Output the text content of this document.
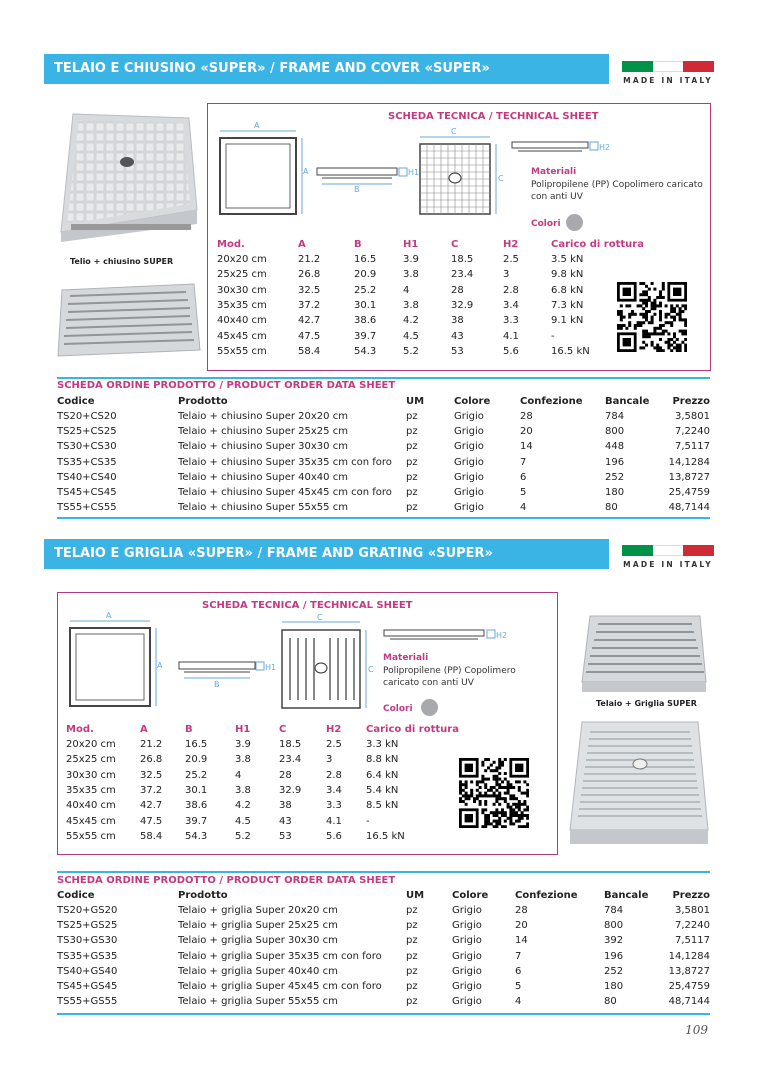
TELAIO E CHIUSINO «SUPER» / FRAME AND COVER «SUPER»
MADE IN ITALY
Telio + chiusino SUPER
SCHEDA TECNICA / TECHNICAL SHEET
A
A
B
H1
C
C
H2
Materiali
Polipropilene (PP) Copolimero caricato con anti UV
Colori
Mod.	A	B	H1	C	H2	Carico di rottura
20x20 cm	21.2	16.5	3.9	18.5	2.5	3.5 kN
25x25 cm	26.8	20.9	3.8	23.4	3	9.8 kN
30x30 cm	32.5	25.2	4	28	2.8	6.8 kN
35x35 cm	37.2	30.1	3.8	32.9	3.4	7.3 kN
40x40 cm	42.7	38.6	4.2	38	3.3	9.1 kN
45x45 cm	47.5	39.7	4.5	43	4.1	-
55x55 cm	58.4	54.3	5.2	53	5.6	16.5 kN
SCHEDA ORDINE PRODOTTO / PRODUCT ORDER DATA SHEET
Codice	Prodotto	UM	Colore	Confezione	Bancale	Prezzo
TS20+CS20	Telaio + chiusino Super 20x20 cm	pz	Grigio	28	784	3,5801
TS25+CS25	Telaio + chiusino Super 25x25 cm	pz	Grigio	20	800	7,2240
TS30+CS30	Telaio + chiusino Super 30x30 cm	pz	Grigio	14	448	7,5117
TS35+CS35	Telaio + chiusino Super 35x35 cm con foro	pz	Grigio	7	196	14,1284
TS40+CS40	Telaio + chiusino Super 40x40 cm	pz	Grigio	6	252	13,8727
TS45+CS45	Telaio + chiusino Super 45x45 cm con foro	pz	Grigio	5	180	25,4759
TS55+CS55	Telaio + chiusino Super 55x55 cm	pz	Grigio	4	80	48,7144
TELAIO E GRIGLIA «SUPER» / FRAME AND GRATING «SUPER»
MADE IN ITALY
SCHEDA TECNICA / TECHNICAL SHEET
A
A
B
H1
C
C
H2
Materiali
Polipropilene (PP) Copolimero caricato con anti UV
Colori
Mod.	A	B	H1	C	H2	Carico di rottura
20x20 cm	21.2	16.5	3.9	18.5	2.5	3.3 kN
25x25 cm	26.8	20.9	3.8	23.4	3	8.8 kN
30x30 cm	32.5	25.2	4	28	2.8	6.4 kN
35x35 cm	37.2	30.1	3.8	32.9	3.4	5.4 kN
40x40 cm	42.7	38.6	4.2	38	3.3	8.5 kN
45x45 cm	47.5	39.7	4.5	43	4.1	-
55x55 cm	58.4	54.3	5.2	53	5.6	16.5 kN
Telaio + Griglia SUPER
SCHEDA ORDINE PRODOTTO / PRODUCT ORDER DATA SHEET
Codice	Prodotto	UM	Colore	Confezione	Bancale	Prezzo
TS20+GS20	Telaio + griglia Super 20x20 cm	pz	Grigio	28	784	3,5801
TS25+GS25	Telaio + griglia Super 25x25 cm	pz	Grigio	20	800	7,2240
TS30+GS30	Telaio + griglia Super 30x30 cm	pz	Grigio	14	392	7,5117
TS35+GS35	Telaio + griglia Super 35x35 cm con foro	pz	Grigio	7	196	14,1284
TS40+GS40	Telaio + griglia Super 40x40 cm	pz	Grigio	6	252	13,8727
TS45+GS45	Telaio + griglia Super 45x45 cm con foro	pz	Grigio	5	180	25,4759
TS55+GS55	Telaio + griglia Super 55x55 cm	pz	Grigio	4	80	48,7144
109
